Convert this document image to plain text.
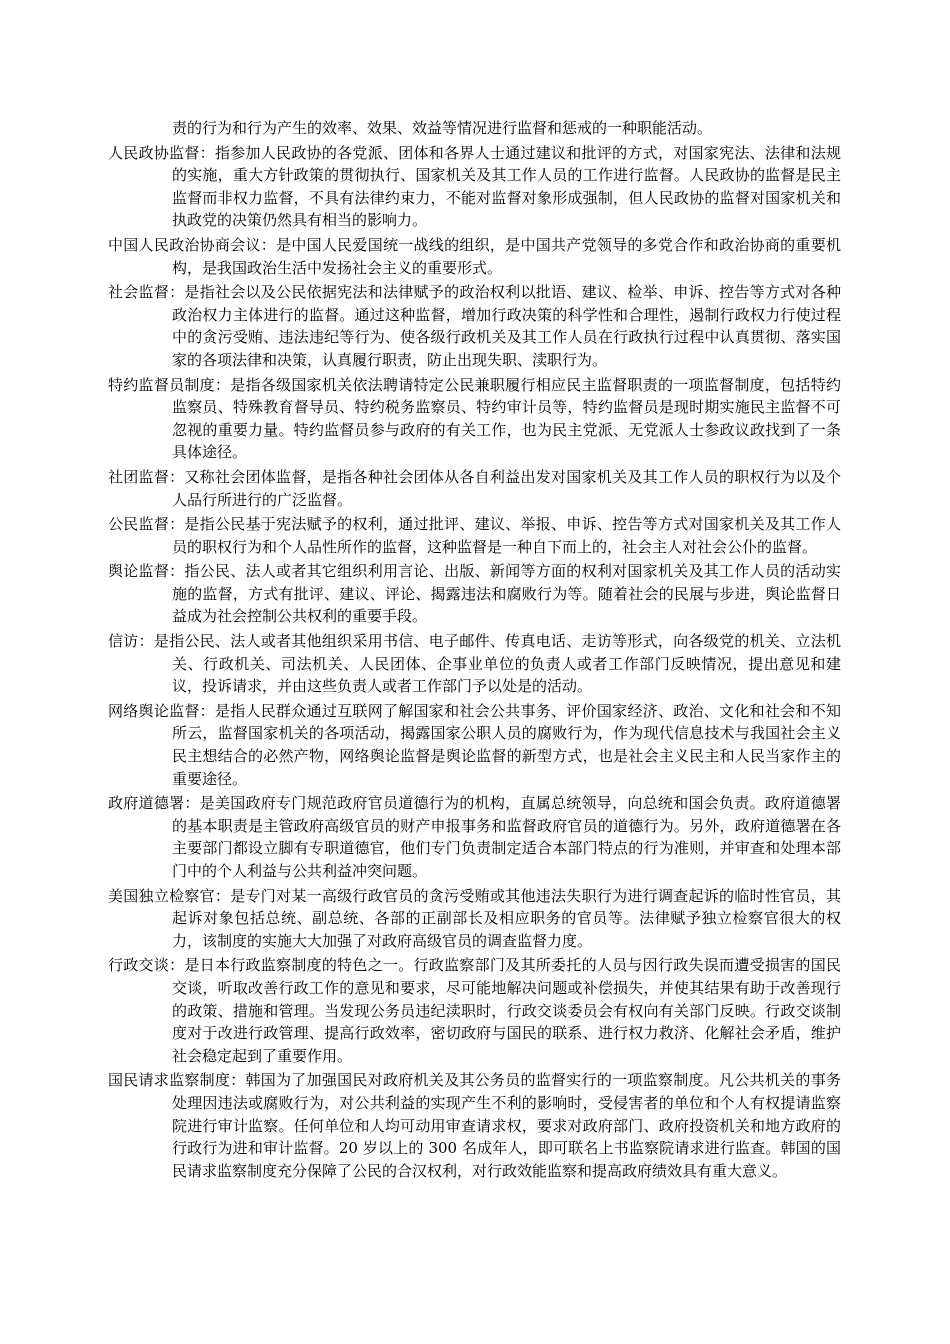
责的行为和行为产生的效率、效果、效益等情况进行监督和惩戒的一种职能活动。

人民政协监督：指参加人民政协的各党派、团体和各界人士通过建议和批评的方式，对国家宪法、法律和法规的实施，重大方针政策的贯彻执行、国家机关及其工作人员的工作进行监督。人民政协的监督是民主监督而非权力监督，不具有法律约束力，不能对监督对象形成强制，但人民政协的监督对国家机关和执政党的决策仍然具有相当的影响力。

中国人民政治协商会议：是中国人民爱国统一战线的组织，是中国共产党领导的多党合作和政治协商的重要机构，是我国政治生活中发扬社会主义的重要形式。

社会监督：是指社会以及公民依据宪法和法律赋予的政治权利以批语、建议、检举、申诉、控告等方式对各种政治权力主体进行的监督。通过这种监督，增加行政决策的科学性和合理性，遏制行政权力行使过程中的贪污受贿、违法违纪等行为、使各级行政机关及其工作人员在行政执行过程中认真贯彻、落实国家的各项法律和决策，认真履行职责，防止出现失职、渎职行为。

特约监督员制度：是指各级国家机关依法聘请特定公民兼职履行相应民主监督职责的一项监督制度，包括特约监察员、特殊教育督导员、特约税务监察员、特约审计员等，特约监督员是现时期实施民主监督不可忽视的重要力量。特约监督员参与政府的有关工作，也为民主党派、无党派人士参政议政找到了一条具体途径。

社团监督：又称社会团体监督，是指各种社会团体从各自利益出发对国家机关及其工作人员的职权行为以及个人品行所进行的广泛监督。

公民监督：是指公民基于宪法赋予的权利，通过批评、建议、举报、申诉、控告等方式对国家机关及其工作人员的职权行为和个人品性所作的监督，这种监督是一种自下而上的，社会主人对社会公仆的监督。

舆论监督：指公民、法人或者其它组织利用言论、出版、新闻等方面的权利对国家机关及其工作人员的活动实施的监督，方式有批评、建议、评论、揭露违法和腐败行为等。随着社会的民展与步进，舆论监督日益成为社会控制公共权利的重要手段。

信访：是指公民、法人或者其他组织采用书信、电子邮件、传真电话、走访等形式，向各级党的机关、立法机关、行政机关、司法机关、人民团体、企事业单位的负责人或者工作部门反映情况，提出意见和建议，投诉请求，并由这些负责人或者工作部门予以处是的活动。

网络舆论监督：是指人民群众通过互联网了解国家和社会公共事务、评价国家经济、政治、文化和社会和不知所云，监督国家机关的各项活动，揭露国家公职人员的腐败行为，作为现代信息技术与我国社会主义民主想结合的必然产物，网络舆论监督是舆论监督的新型方式，也是社会主义民主和人民当家作主的重要途径。

政府道德署：是美国政府专门规范政府官员道德行为的机构，直属总统领导，向总统和国会负责。政府道德署的基本职责是主管政府高级官员的财产申报事务和监督政府官员的道德行为。另外，政府道德署在各主要部门都设立脚有专职道德官，他们专门负责制定适合本部门特点的行为准则，并审查和处理本部门中的个人利益与公共利益冲突问题。

美国独立检察官：是专门对某一高级行政官员的贪污受贿或其他违法失职行为进行调查起诉的临时性官员，其起诉对象包括总统、副总统、各部的正副部长及相应职务的官员等。法律赋予独立检察官很大的权力，该制度的实施大大加强了对政府高级官员的调查监督力度。

行政交谈：是日本行政监察制度的特色之一。行政监察部门及其所委托的人员与因行政失误而遭受损害的国民交谈，听取改善行政工作的意见和要求，尽可能地解决问题或补偿损失，并使其结果有助于改善现行的政策、措施和管理。当发现公务员违纪渎职时，行政交谈委员会有权向有关部门反映。行政交谈制度对于改进行政管理、提高行政效率，密切政府与国民的联系、进行权力救济、化解社会矛盾，维护社会稳定起到了重要作用。

国民请求监察制度：韩国为了加强国民对政府机关及其公务员的监督实行的一项监察制度。凡公共机关的事务处理因违法或腐败行为，对公共利益的实现产生不利的影响时，受侵害者的单位和个人有权提请监察院进行审计监察。任何单位和人均可动用审查请求权，要求对政府部门、政府投资机关和地方政府的行政行为进和审计监督。20 岁以上的 300 名成年人，即可联名上书监察院请求进行监查。韩国的国民请求监察制度充分保障了公民的合汉权利，对行政效能监察和提高政府绩效具有重大意义。
